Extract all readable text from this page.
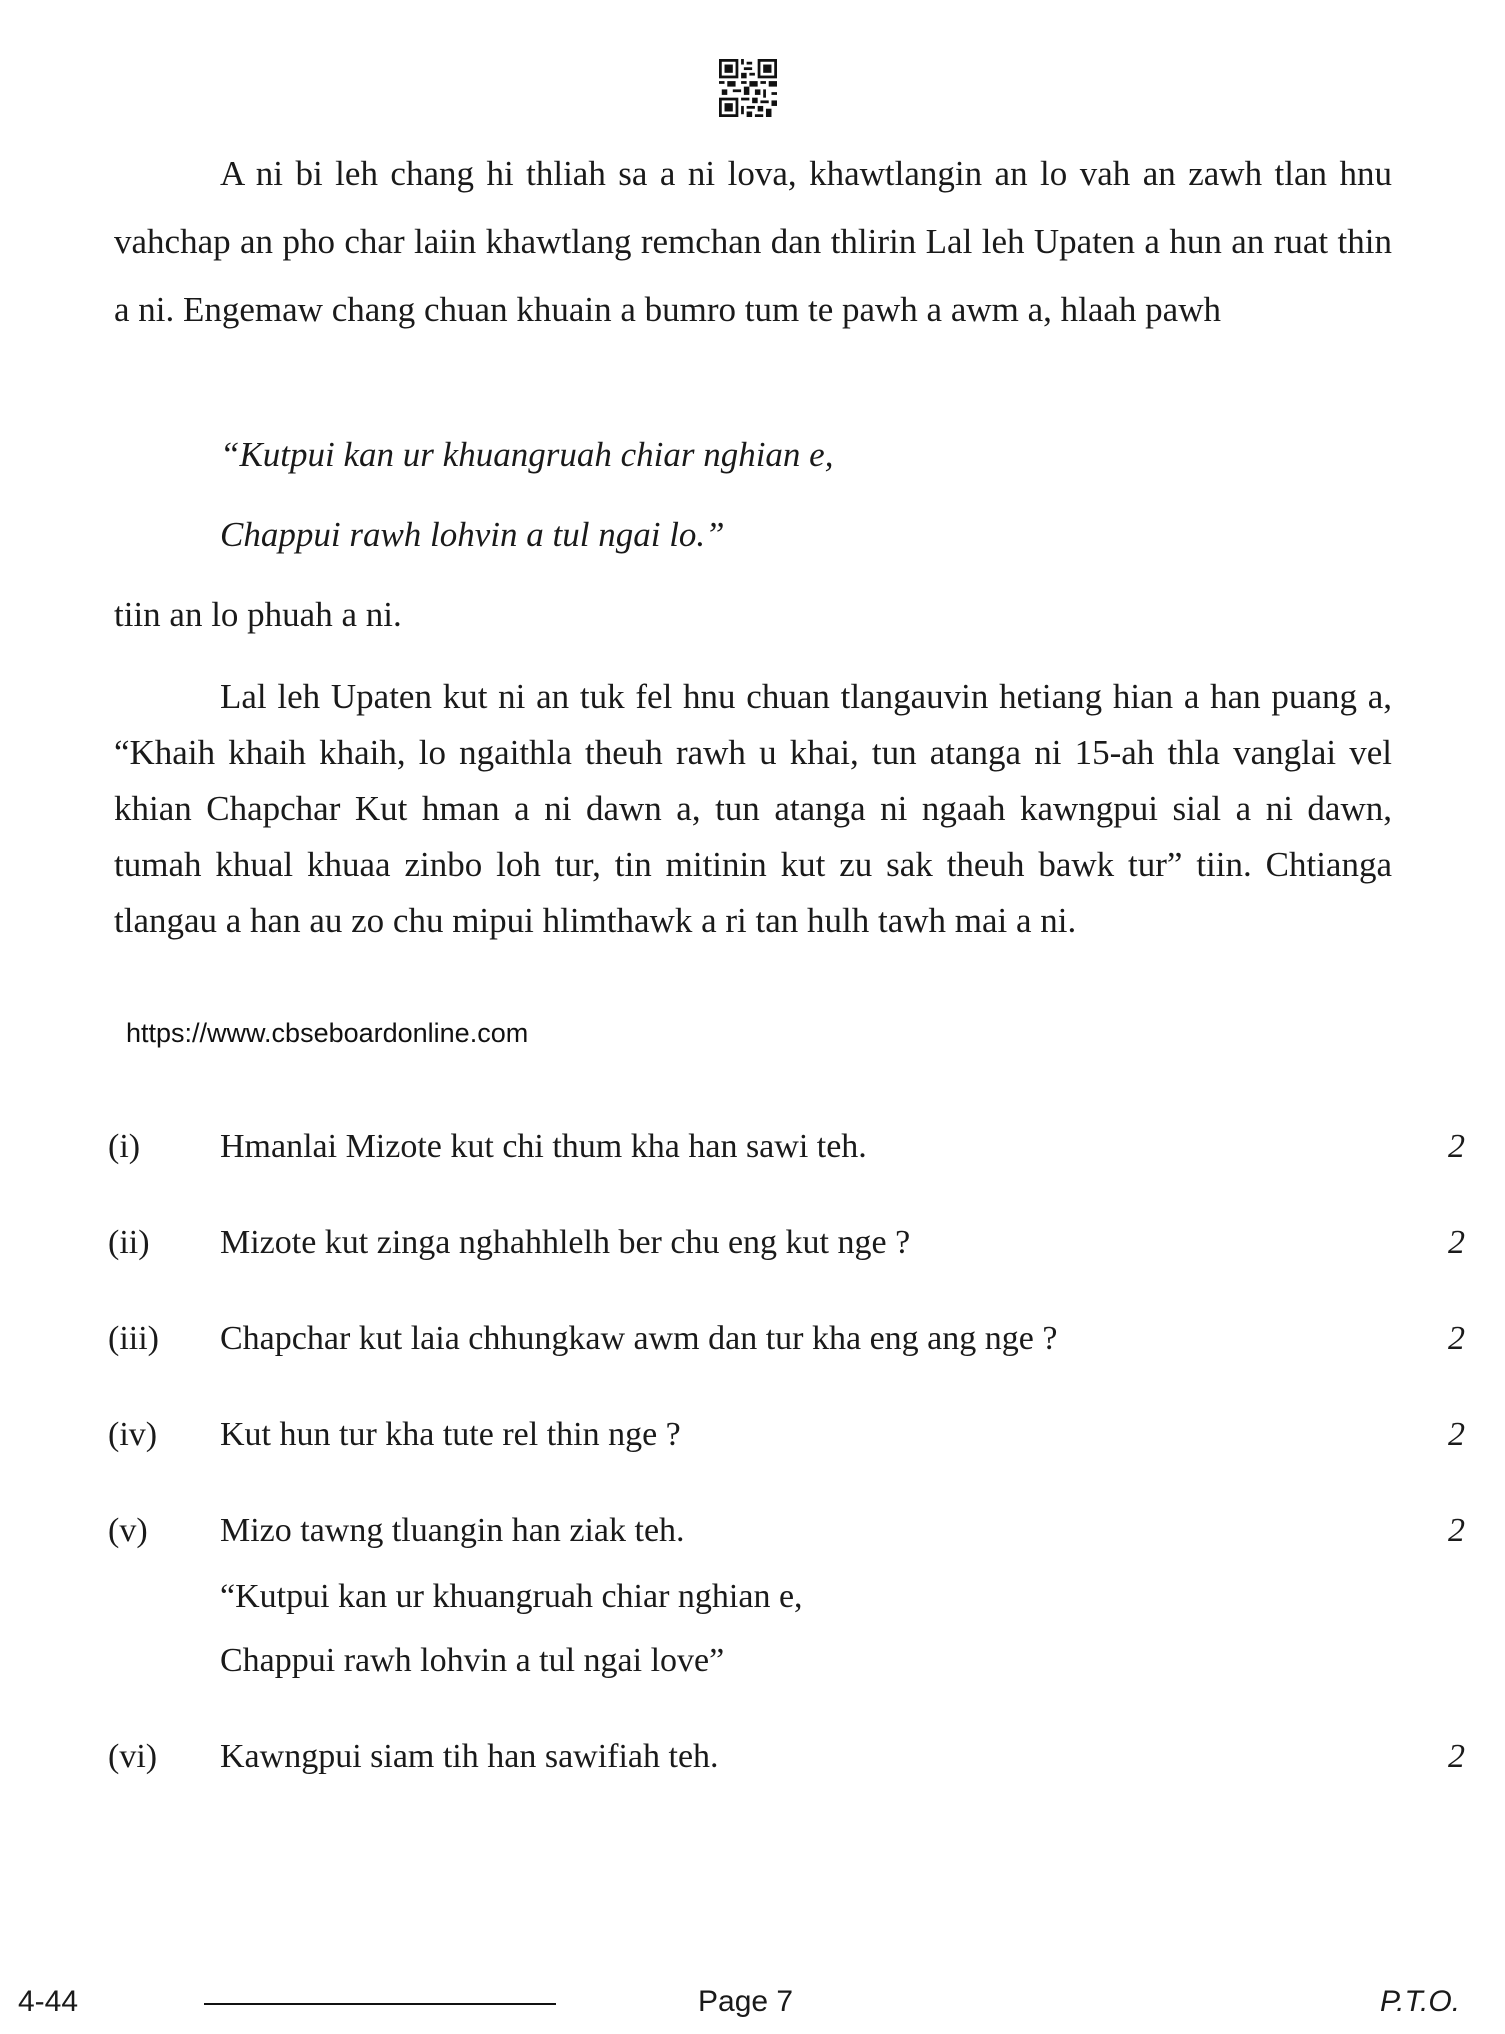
A ni bi leh chang hi thliah sa a ni lova, khawtlangin an lo vah an zawh tlan hnu vahchap an pho char laiin khawtlang remchan dan thlirin Lal leh Upaten a hun an ruat thin a ni. Engemaw chang chuan khuain a bumro tum te pawh a awm a, hlaah pawh

“Kutpui kan ur khuangruah chiar nghian e,
Chappui rawh lohvin a tul ngai lo.”
tiin an lo phuah a ni.

Lal leh Upaten kut ni an tuk fel hnu chuan tlangauvin hetiang hian a han puang a, “Khaih khaih khaih, lo ngaithla theuh rawh u khai, tun atanga ni 15-ah thla vanglai vel khian Chapchar Kut hman a ni dawn a, tun atanga ni ngaah kawngpui sial a ni dawn, tumah khual khuaa zinbo loh tur, tin mitinin kut zu sak theuh bawk tur” tiin. Chtianga tlangau a han au zo chu mipui hlimthawk a ri tan hulh tawh mai a ni.

https://www.cbseboardonline.com
(i) Hmanlai Mizote kut chi thum kha han sawi teh.	2
(ii) Mizote kut zinga nghahhlelh ber chu eng kut nge ?	2
(iii) Chapchar kut laia chhungkaw awm dan tur kha eng ang nge ?	2
(iv) Kut hun tur kha tute rel thin nge ?	2
(v) Mizo tawng tluangin han ziak teh.	2
“Kutpui kan ur khuangruah chiar nghian e,
Chappui rawh lohvin a tul ngai love”
(vi) Kawngpui siam tih han sawifiah teh.	2
4-44	Page 7	P.T.O.
